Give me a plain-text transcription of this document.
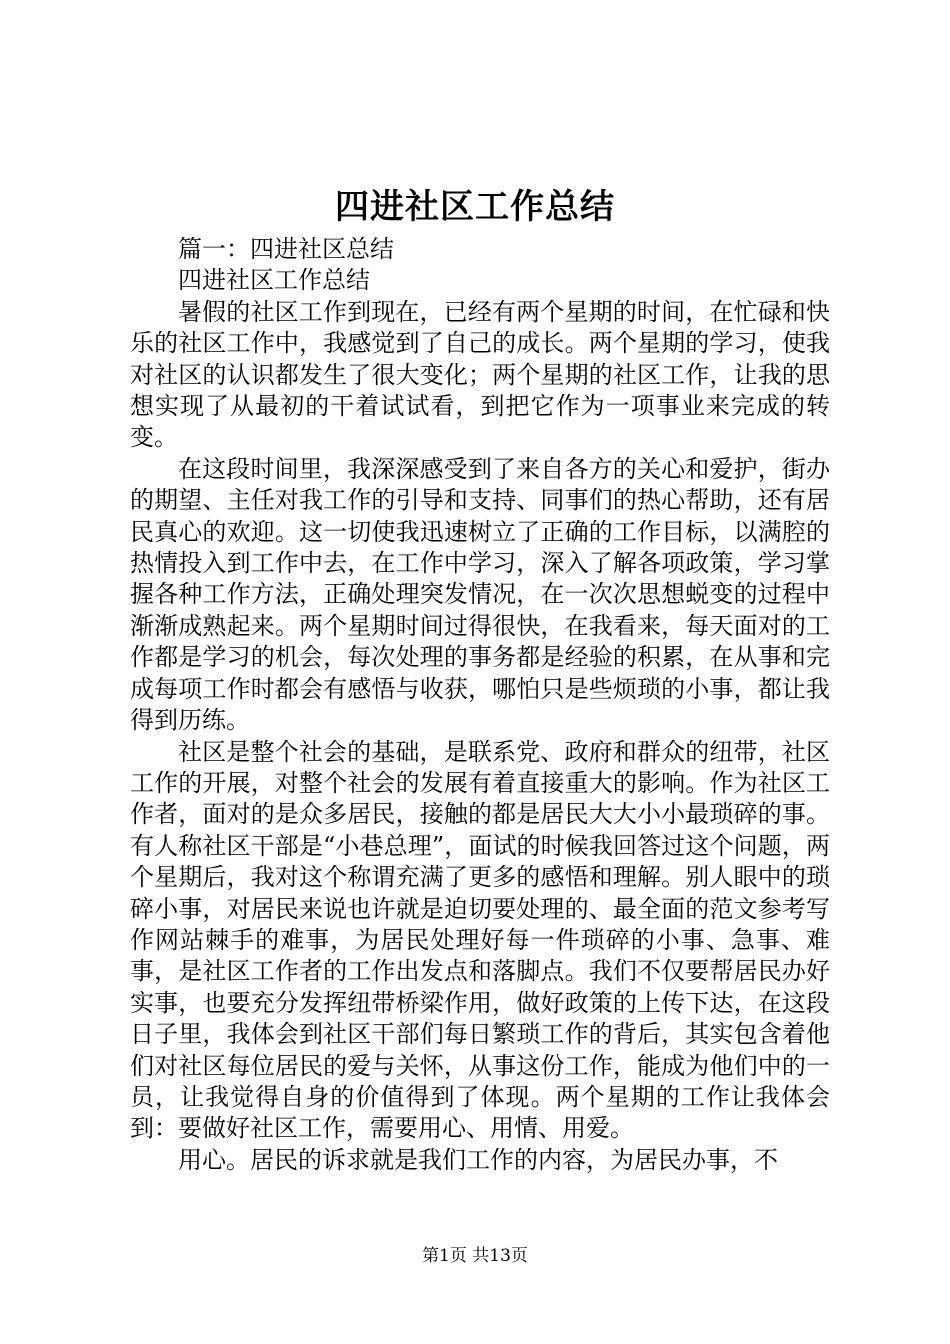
四进社区工作总结

篇一：四进社区总结

四进社区工作总结

暑假的社区工作到现在，已经有两个星期的时间，在忙碌和快乐的社区工作中，我感觉到了自己的成长。两个星期的学习，使我对社区的认识都发生了很大变化；两个星期的社区工作，让我的思想实现了从最初的干着试试看，到把它作为一项事业来完成的转变。

在这段时间里，我深深感受到了来自各方的关心和爱护，街办的期望、主任对我工作的引导和支持、同事们的热心帮助，还有居民真心的欢迎。这一切使我迅速树立了正确的工作目标，以满腔的热情投入到工作中去，在工作中学习，深入了解各项政策，学习掌握各种工作方法，正确处理突发情况，在一次次思想蜕变的过程中渐渐成熟起来。两个星期时间过得很快，在我看来，每天面对的工作都是学习的机会，每次处理的事务都是经验的积累，在从事和完成每项工作时都会有感悟与收获，哪怕只是些烦琐的小事，都让我得到历练。

社区是整个社会的基础，是联系党、政府和群众的纽带，社区工作的开展，对整个社会的发展有着直接重大的影响。作为社区工作者，面对的是众多居民，接触的都是居民大大小小最琐碎的事。有人称社区干部是“小巷总理”，面试的时候我回答过这个问题，两个星期后，我对这个称谓充满了更多的感悟和理解。别人眼中的琐碎小事，对居民来说也许就是迫切要处理的、最全面的范文参考写作网站棘手的难事，为居民处理好每一件琐碎的小事、急事、难事，是社区工作者的工作出发点和落脚点。我们不仅要帮居民办好实事，也要充分发挥纽带桥梁作用，做好政策的上传下达，在这段日子里，我体会到社区干部们每日繁琐工作的背后，其实包含着他们对社区每位居民的爱与关怀，从事这份工作，能成为他们中的一员，让我觉得自身的价值得到了体现。两个星期的工作让我体会到：要做好社区工作，需要用心、用情、用爱。

用心。居民的诉求就是我们工作的内容，为居民办事，不

第1页 共13页
